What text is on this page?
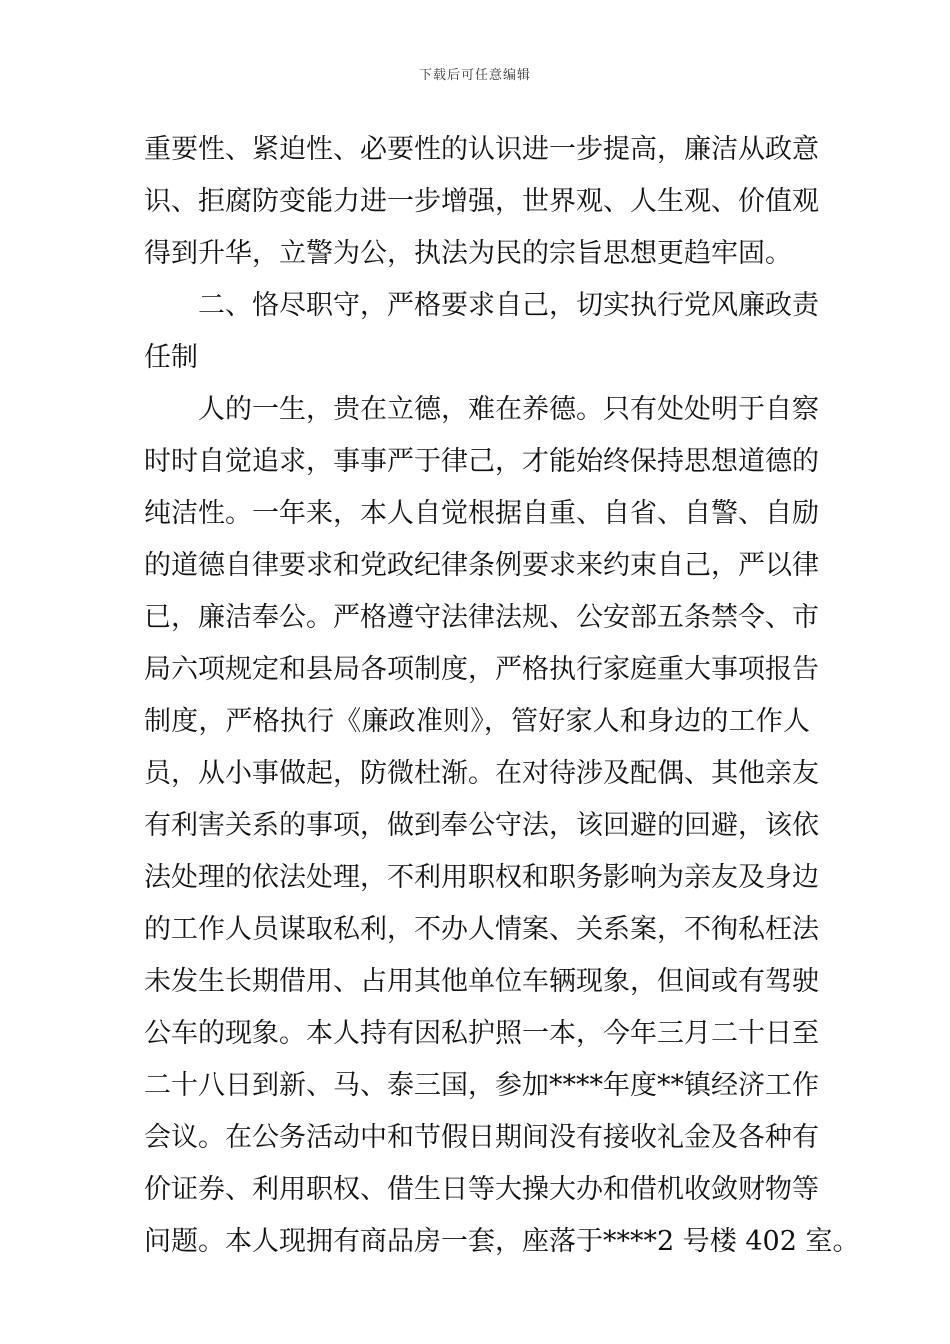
下载后可任意编辑
重要性、紧迫性、必要性的认识进一步提高，廉洁从政意
识、拒腐防变能力进一步增强，世界观、人生观、价值观
得到升华，立警为公，执法为民的宗旨思想更趋牢固。
二、恪尽职守，严格要求自己，切实执行党风廉政责
任制
人的一生，贵在立德，难在养德。只有处处明于自察
时时自觉追求，事事严于律己，才能始终保持思想道德的
纯洁性。一年来，本人自觉根据自重、自省、自警、自励
的道德自律要求和党政纪律条例要求来约束自己，严以律
已，廉洁奉公。严格遵守法律法规、公安部五条禁令、市
局六项规定和县局各项制度，严格执行家庭重大事项报告
制度，严格执行《廉政准则》，管好家人和身边的工作人
员，从小事做起，防微杜渐。在对待涉及配偶、其他亲友
有利害关系的事项，做到奉公守法，该回避的回避，该依
法处理的依法处理，不利用职权和职务影响为亲友及身边
的工作人员谋取私利，不办人情案、关系案，不徇私枉法
未发生长期借用、占用其他单位车辆现象，但间或有驾驶
公车的现象。本人持有因私护照一本，今年三月二十日至
二十八日到新、马、泰三国，参加****年度**镇经济工作
会议。在公务活动中和节假日期间没有接收礼金及各种有
价证券、利用职权、借生日等大操大办和借机收敛财物等
问题。本人现拥有商品房一套，座落于****2 号楼 402 室。
